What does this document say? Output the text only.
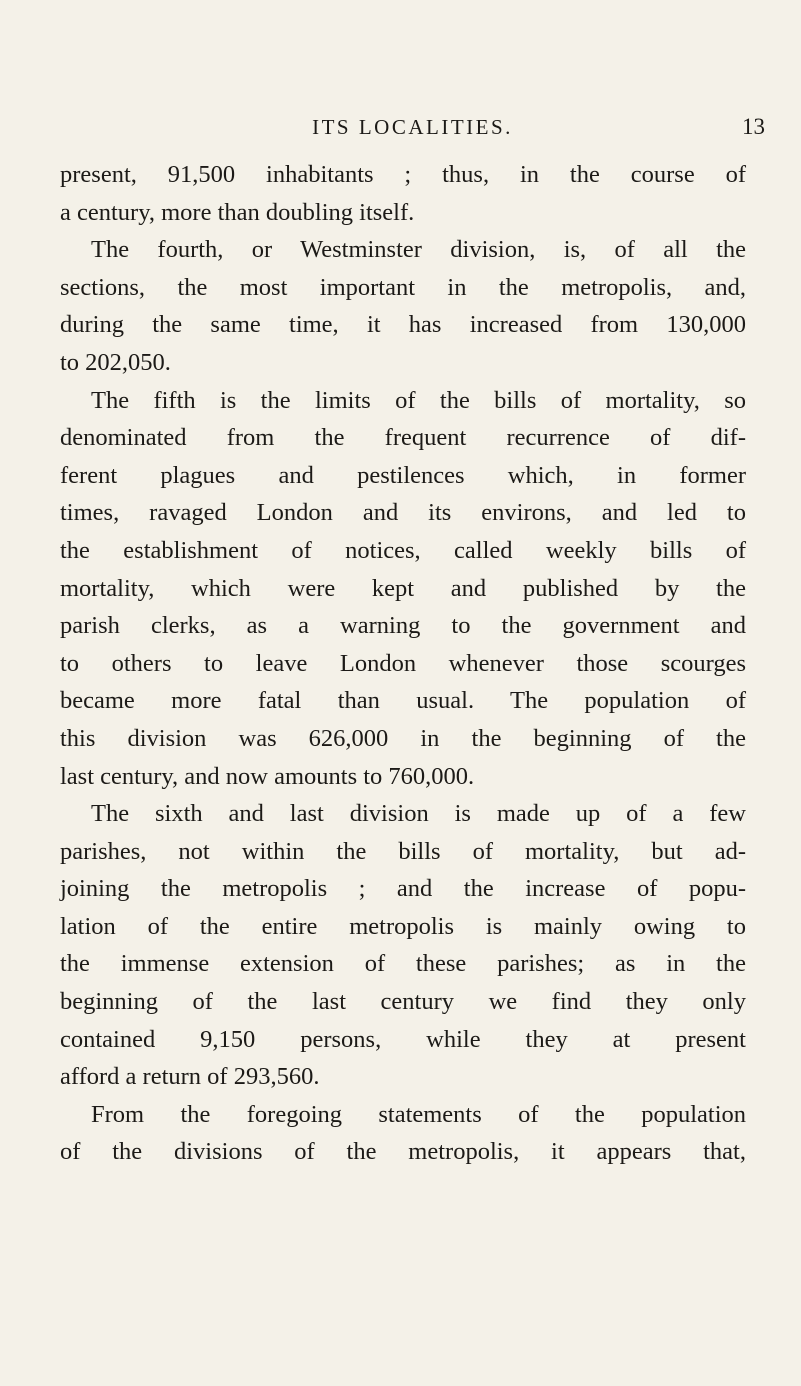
ITS LOCALITIES.	13
present, 91,500 inhabitants ; thus, in the course of
a century, more than doubling itself.
The fourth, or Westminster division, is, of all the
sections, the most important in the metropolis, and,
during the same time, it has increased from 130,000
to 202,050.
The fifth is the limits of the bills of mortality, so
denominated from the frequent recurrence of dif-
ferent plagues and pestilences which, in former
times, ravaged London and its environs, and led to
the establishment of notices, called weekly bills of
mortality, which were kept and published by the
parish clerks, as a warning to the government and
to others to leave London whenever those scourges
became more fatal than usual. The population of
this division was 626,000 in the beginning of the
last century, and now amounts to 760,000.
The sixth and last division is made up of a few
parishes, not within the bills of mortality, but ad-
joining the metropolis ; and the increase of popu-
lation of the entire metropolis is mainly owing to
the immense extension of these parishes; as in the
beginning of the last century we find they only
contained 9,150 persons, while they at present
afford a return of 293,560.
From the foregoing statements of the population
of the divisions of the metropolis, it appears that,
